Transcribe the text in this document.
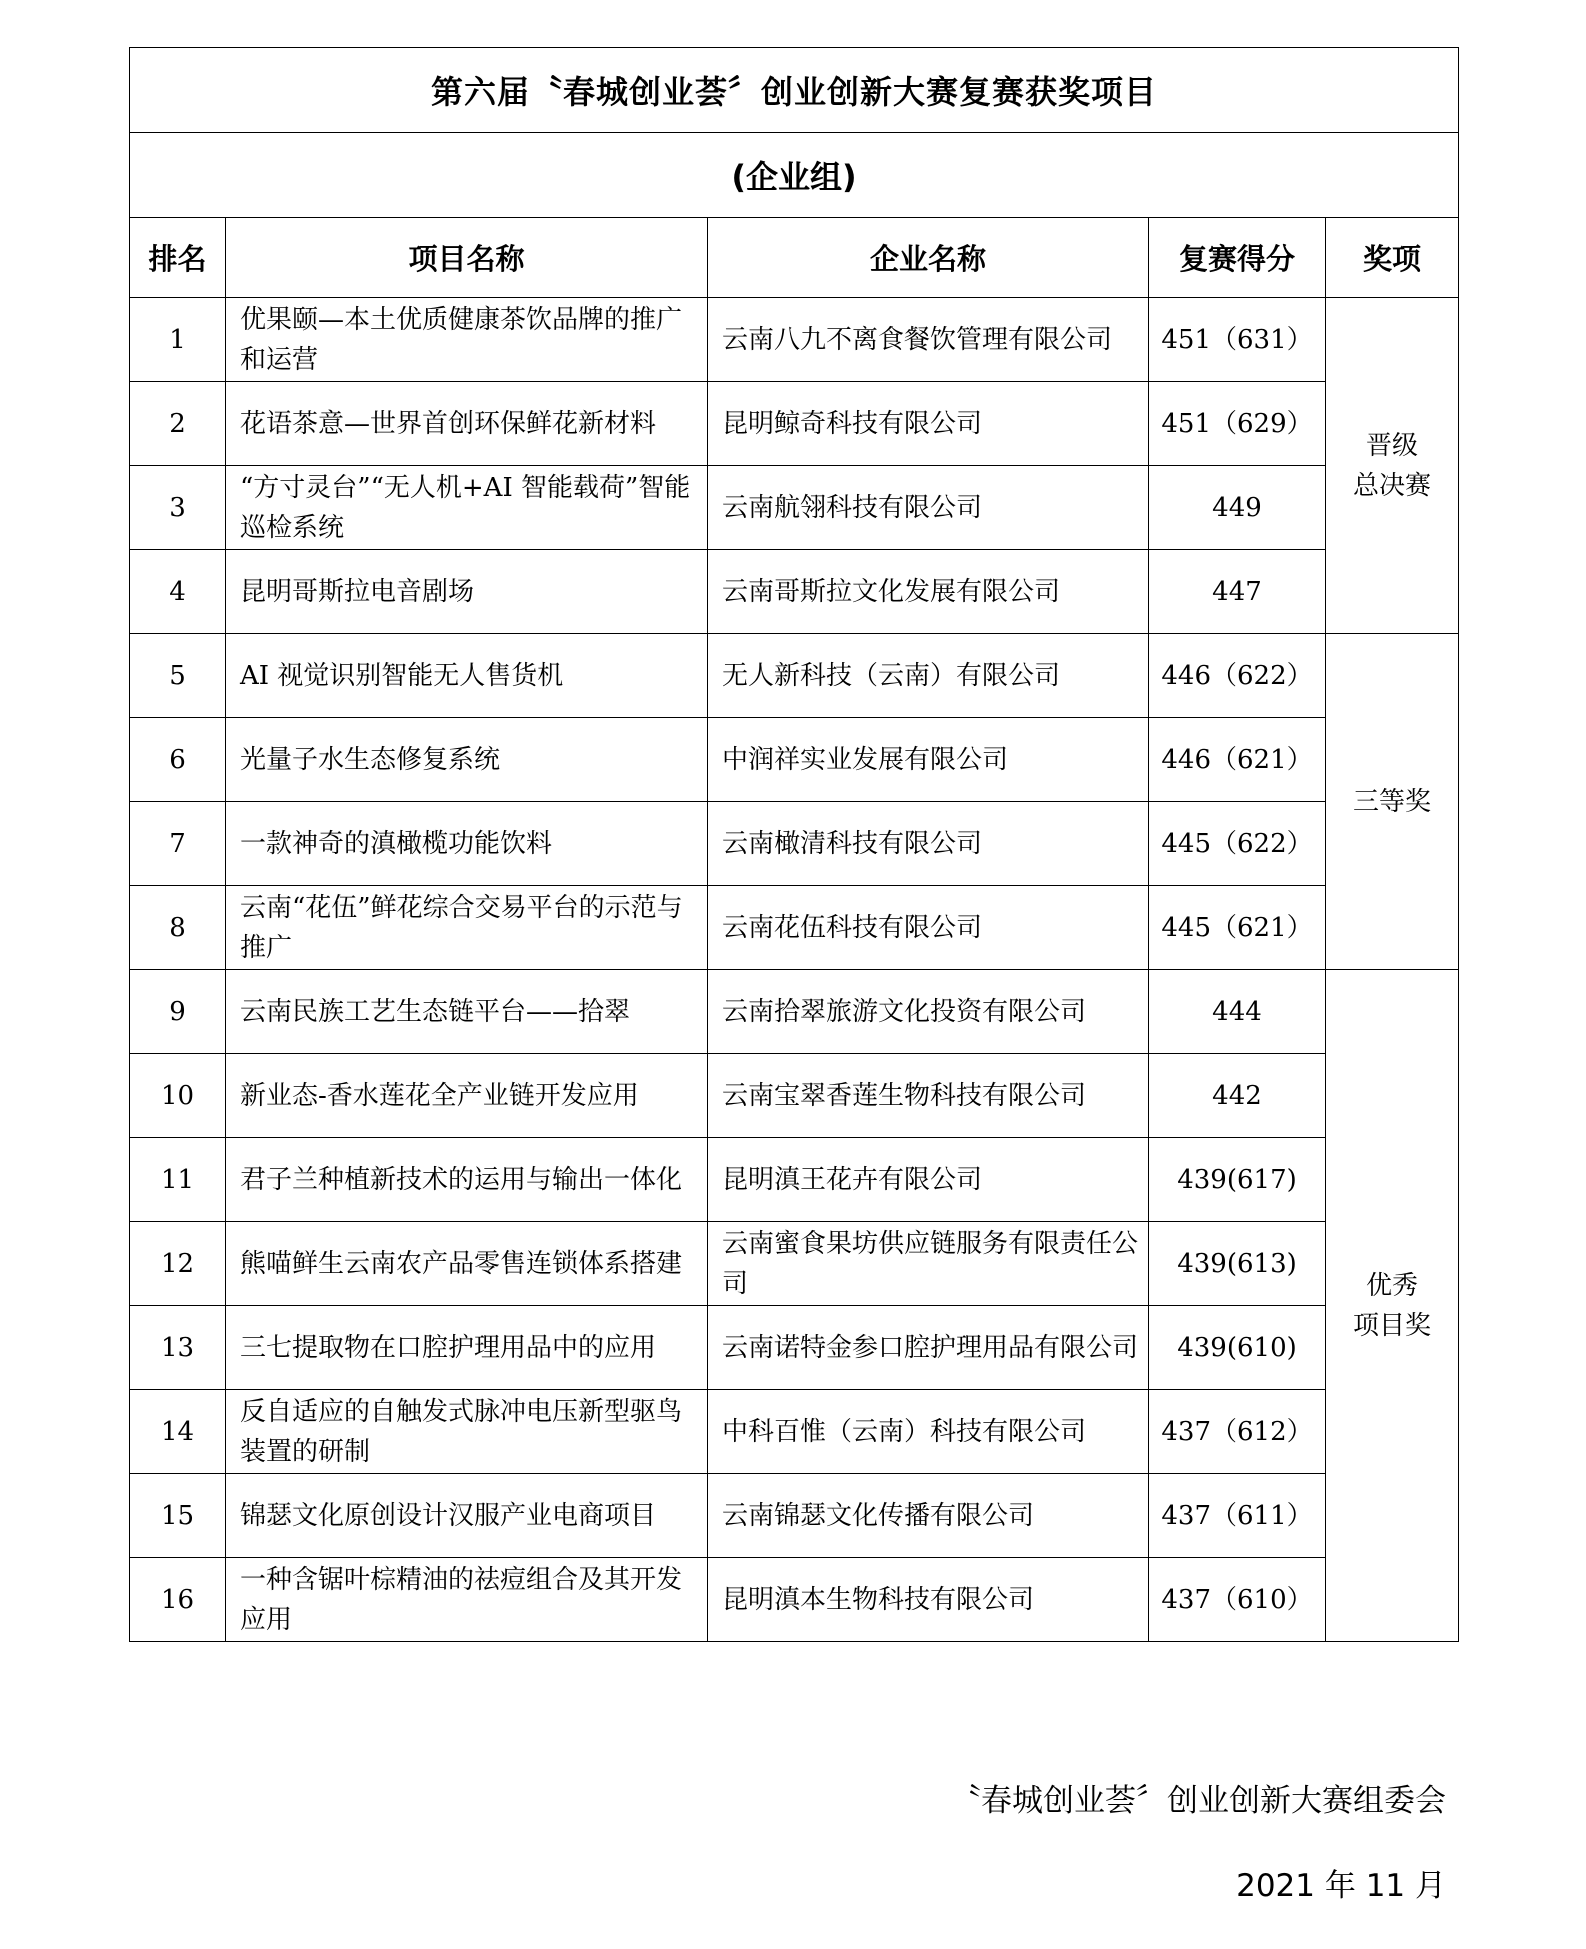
第六届〝春城创业荟〞创业创新大赛复赛获奖项目				
(企业组)				
排名	项目名称	企业名称	复赛得分	奖项
1	优果颐—本土优质健康茶饮品牌的推广和运营	云南八九不离食餐饮管理有限公司	451（631）	晋级
总决赛

2	花语茶意—世界首创环保鲜花新材料	昆明鲸奇科技有限公司	451（629）	
3	“方寸灵台”“无人机+AI 智能载荷”智能巡检系统	云南航翎科技有限公司	449	
4	昆明哥斯拉电音剧场	云南哥斯拉文化发展有限公司	447	
5	AI 视觉识别智能无人售货机	无人新科技（云南）有限公司	446（622）	三等奖
6	光量子水生态修复系统	中润祥实业发展有限公司	446（621）	
7	一款神奇的滇橄榄功能饮料	云南橄清科技有限公司	445（622）	
8	云南“花伍”鲜花综合交易平台的示范与推广	云南花伍科技有限公司	445（621）	
9	云南民族工艺生态链平台——拾翠	云南拾翠旅游文化投资有限公司	444	优秀
项目奖

10	新业态-香水莲花全产业链开发应用	云南宝翠香莲生物科技有限公司	442	
11	君子兰种植新技术的运用与输出一体化	昆明滇王花卉有限公司	439(617)	
12	熊喵鲜生云南农产品零售连锁体系搭建	云南蜜食果坊供应链服务有限责任公司	439(613)	
13	三七提取物在口腔护理用品中的应用	云南诺特金参口腔护理用品有限公司	439(610)	
14	反自适应的自触发式脉冲电压新型驱鸟装置的研制	中科百惟（云南）科技有限公司	437（612）	
15	锦瑟文化原创设计汉服产业电商项目	云南锦瑟文化传播有限公司	437（611）	
16	一种含锯叶棕精油的祛痘组合及其开发应用	昆明滇本生物科技有限公司	437（610）	
〝春城创业荟〞创业创新大赛组委会
2021 年 11 月
